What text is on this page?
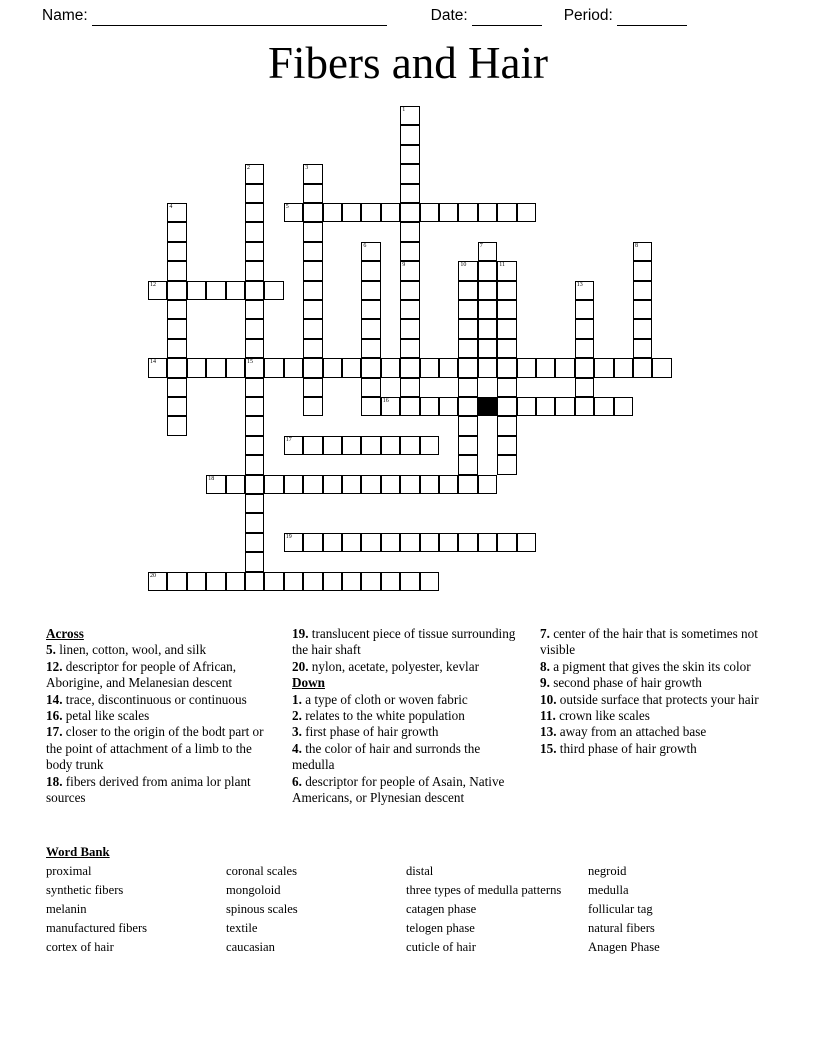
Name:	Date:	Period:
Fibers and Hair
1
2	3
4	5
6	7	8
9	10	11
12	13
14	15
16
17
18
19
20
Across
5. linen, cotton, wool, and silk
12. descriptor for people of African, Aborigine, and Melanesian descent
14. trace, discontinuous or continuous
16. petal like scales
17. closer to the origin of the bodt part or the point of attachment of a limb to the body trunk
18. fibers derived from anima lor plant sources
19. translucent piece of tissue surrounding the hair shaft
20. nylon, acetate, polyester, kevlar
Down
1. a type of cloth or woven fabric
2. relates to the white population
3. first phase of hair growth
4. the color of hair and surronds the medulla
6. descriptor for people of Asain, Native Americans, or Plynesian descent
7. center of the hair that is sometimes not visible
8. a pigment that gives the skin its color
9. second phase of hair growth
10. outside surface that protects your hair
11. crown like scales
13. away from an attached base
15. third phase of hair growth
Word Bank
proximal	coronal scales	distal	negroid
synthetic fibers	mongoloid	three types of medulla patterns	medulla
melanin	spinous scales	catagen phase	follicular tag
manufactured fibers	textile	telogen phase	natural fibers
cortex of hair	caucasian	cuticle of hair	Anagen Phase
